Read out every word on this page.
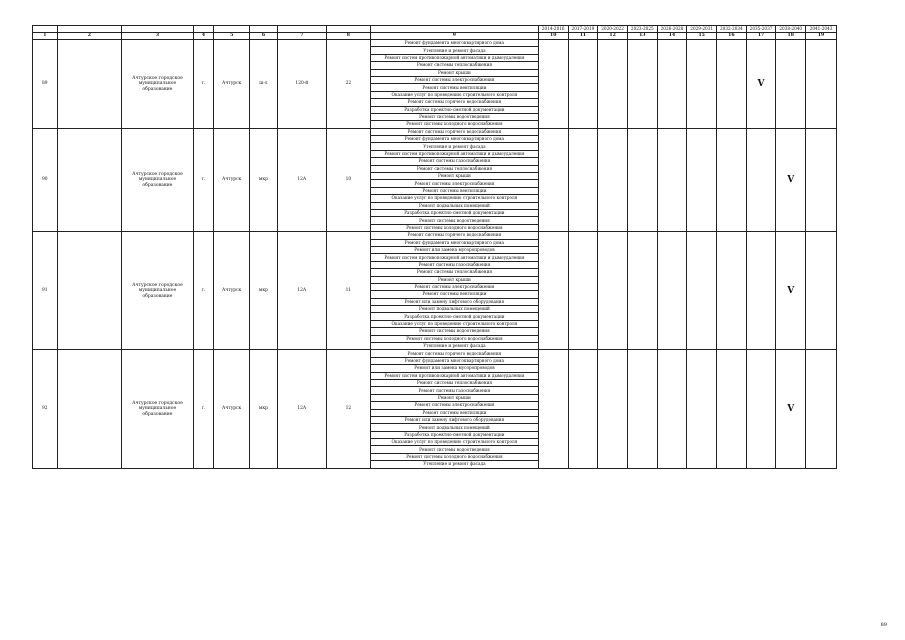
									2014-2016	2017-2019	2020-2022	2023-2025	2026-2028	2029-2031	2032-2034	2035-2037	2038-2040	2041-2043
1	2	3	4	5	6	7	8	9	10	11	12	13	14	15	16	17	18	19
89		Ачтурское городское муниципальное образование	г.	Ачтурск	ш-л	120-й	22	Ремонт фундамента многоквартирного дома								V		
								Утепление и ремонт фасада										
								Ремонт систем противопожарной автоматики и дымоудаления										
								Ремонт системы теплоснабжения										
								Ремонт крыши										
								Ремонт системы электроснабжения										
								Ремонт системы вентиляции										
								Оказание услуг по проведению строительного контроля										
								Ремонт системы горячего водоснабжения										
								Разработка проектно-сметной документации										
								Ремонт системы водоотведения										
								Ремонт системы холодного водоснабжения										
90		Ачтурское городское муниципальное образование	г.	Ачтурск	мкр	12А	10	Ремонт системы горячего водоснабжения									V	
								Ремонт фундамента многоквартирного дома										
								Утепление и ремонт фасада										
								Ремонт систем противопожарной автоматики и дымоудаления										
								Ремонт системы газоснабжения										
								Ремонт системы теплоснабжения										
								Ремонт крыши										
								Ремонт системы электроснабжения										
								Ремонт системы вентиляции										
								Оказание услуг по проведению строительного контроля										
								Ремонт подвальных помещений										
								Разработка проектно-сметной документации										
								Ремонт системы водоотведения										
								Ремонт системы холодного водоснабжения										
91		Ачтурское городское муниципальное образование	г.	Ачтурск	мкр	12А	11	Ремонт системы горячего водоснабжения									V	
								Ремонт фундамента многоквартирного дома										
								Ремонт или замена мусоропроводов										
								Ремонт систем противопожарной автоматики и дымоудаления										
								Ремонт системы газоснабжения										
								Ремонт системы теплоснабжения										
								Ремонт крыши										
								Ремонт системы электроснабжения										
								Ремонт системы вентиляции										
								Ремонт или замену лифтового оборудования										
								Ремонт подвальных помещений										
								Разработка проектно-сметной документации										
								Оказание услуг по проведению строительного контроля										
								Ремонт системы водоотведения										
								Ремонт системы холодного водоснабжения										
								Утепление и ремонт фасада										
92		Ачтурское городское муниципальное образование	г.	Ачтурск	мкр	12А	12	Ремонт системы горячего водоснабжения									V	
								Ремонт фундамента многоквартирного дома										
								Ремонт или замена мусоропроводов										
								Ремонт систем противопожарной автоматики и дымоудаления										
								Ремонт системы теплоснабжения										
								Ремонт системы газоснабжения										
								Ремонт крыши										
								Ремонт системы электроснабжения										
								Ремонт системы вентиляции										
								Ремонт или замену лифтового оборудования										
								Ремонт подвальных помещений										
								Разработка проектно-сметной документации										
								Оказание услуг по проведению строительного контроля										
								Ремонт системы водоотведения										
								Ремонт системы холодного водоснабжения										
								Утепление и ремонт фасада										
89
